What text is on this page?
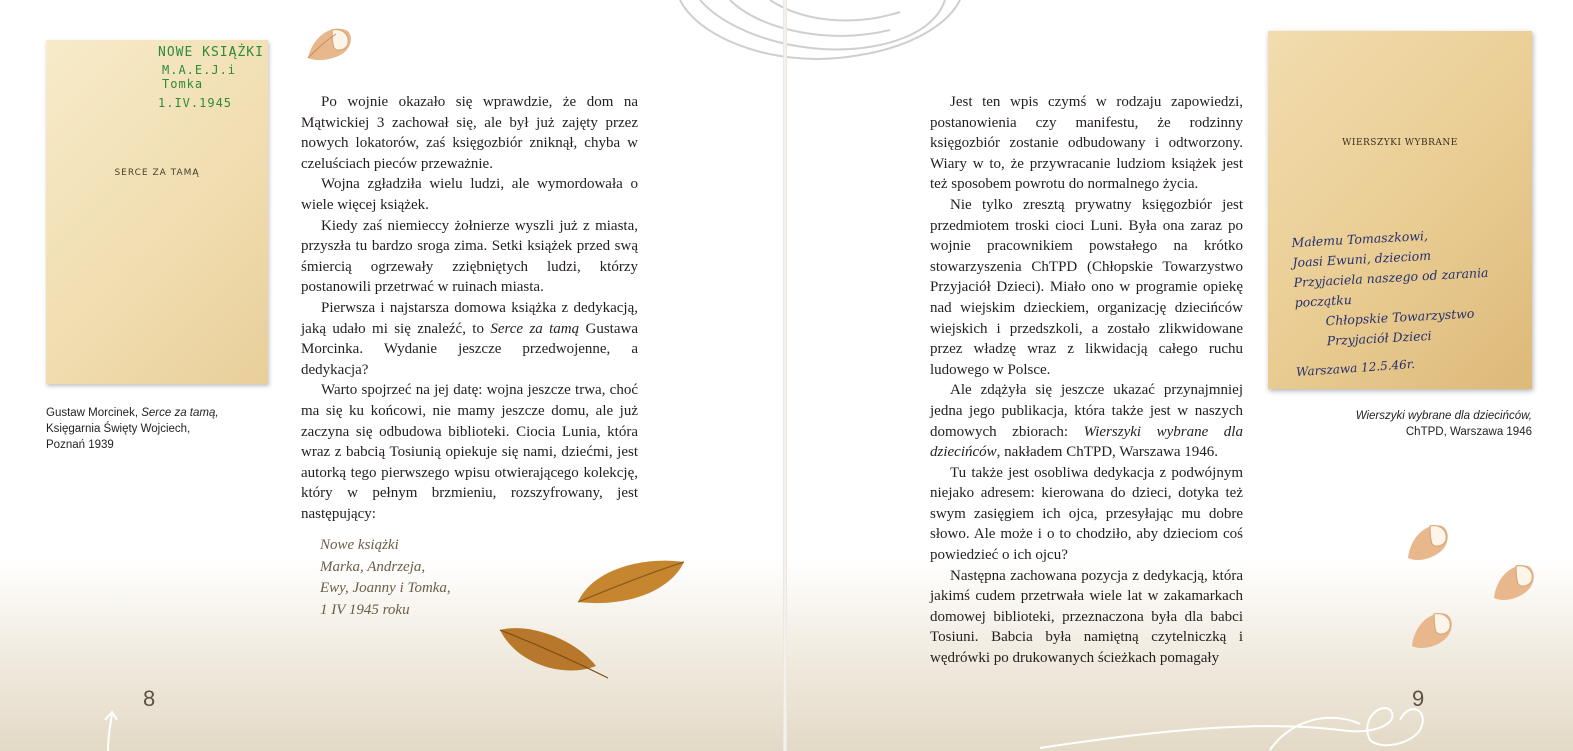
NOWE KSIĄŻKI
M.A.E.J.i Tomka
1.IV.1945
SERCE ZA TAMĄ
Gustaw Morcinek, Serce za tamą,
Księgarnia Święty Wojciech,
Poznań 1939

Po wojnie okazało się wprawdzie, że dom na Mątwickiej 3 zachował się, ale był już zajęty przez nowych lokatorów, zaś księgozbiór zniknął, chyba w czeluściach pieców przeważnie.

Wojna zgładziła wielu ludzi, ale wymordowała o wiele więcej książek.

Kiedy zaś niemieccy żołnierze wyszli już z miasta, przyszła tu bardzo sroga zima. Setki książek przed swą śmiercią ogrzewały zziębniętych ludzi, którzy postanowili przetrwać w ruinach miasta.

Pierwsza i najstarsza domowa książka z dedykacją, jaką udało mi się znaleźć, to Serce za tamą Gustawa Morcinka. Wydanie jeszcze przedwojenne, a dedykacja?

Warto spojrzeć na jej datę: wojna jeszcze trwa, choć ma się ku końcowi, nie mamy jeszcze domu, ale już zaczyna się odbudowa biblioteki. Ciocia Lunia, która wraz z babcią Tosiunią opiekuje się nami, dziećmi, jest autorką tego pierwszego wpisu otwierającego kolekcję, który w pełnym brzmieniu, rozszyfrowany, jest następujący:

Nowe książki
Marka, Andrzeja,
Ewy, Joanny i Tomka,
1 IV 1945 roku
8

Jest ten wpis czymś w rodzaju zapowiedzi, postanowienia czy manifestu, że rodzinny księgozbiór zostanie odbudowany i odtworzony. Wiary w to, że przywracanie ludziom książek jest też sposobem powrotu do normalnego życia.

Nie tylko zresztą prywatny księgozbiór jest przedmiotem troski cioci Luni. Była ona zaraz po wojnie pracownikiem powstałego na krótko stowarzyszenia ChTPD (Chłopskie Towarzystwo Przyjaciół Dzieci). Miało ono w programie opiekę nad wiejskim dzieckiem, organizację dziecińców wiejskich i przedszkoli, a zostało zlikwidowane przez władzę wraz z likwidacją całego ruchu ludowego w Polsce.

Ale zdążyła się jeszcze ukazać przynajmniej jedna jego publikacja, która także jest w naszych domowych zbiorach: Wierszyki wybrane dla dziecińców, nakładem ChTPD, Warszawa 1946.

Tu także jest osobliwa dedykacja z podwójnym niejako adresem: kierowana do dzieci, dotyka też swym zasięgiem ich ojca, przesyłając mu dobre słowo. Ale może i o to chodziło, aby dzieciom coś powiedzieć o ich ojcu?

Następna zachowana pozycja z dedykacją, która jakimś cudem przetrwała wiele lat w zakamarkach domowej biblioteki, przeznaczona była dla babci Tosiuni. Babcia była namiętną czytelniczką i wędrówki po drukowanych ścieżkach pomagały

WIERSZYKI WYBRANE
Małemu Tomaszkowi,
Joasi Ewuni, dzieciom
Przyjaciela naszego od zarania
początku
Chłopskie Towarzystwo
Przyjaciół Dzieci
Warszawa 12.5.46r.
Wierszyki wybrane dla dziecińców,
ChTPD, Warszawa 1946
9
